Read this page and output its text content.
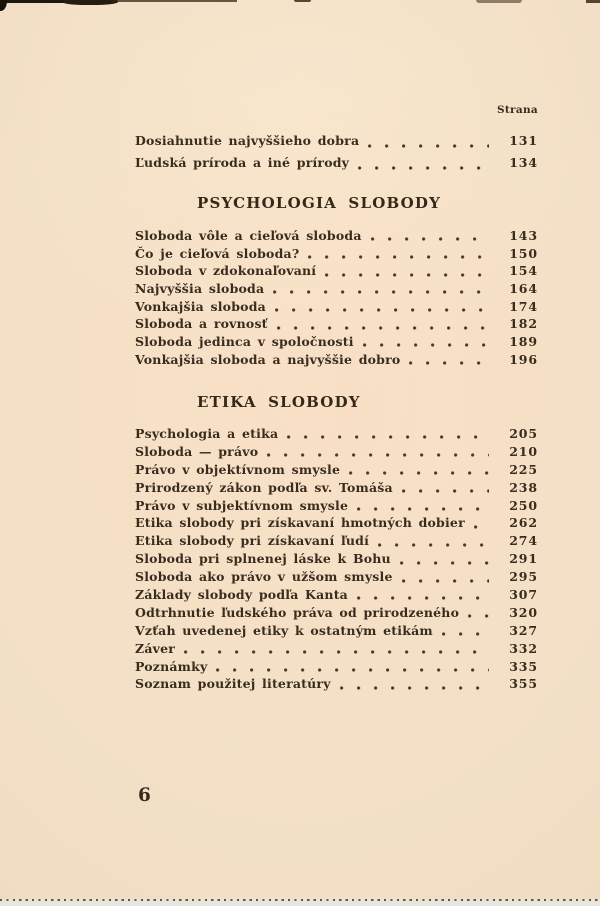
Strana
Dosiahnutie najvyššieho dobra	131
Ľudská príroda a iné prírody	134
PSYCHOLOGIA SLOBODY
Sloboda vôle a cieľová sloboda	143
Čo je cieľová sloboda?	150
Sloboda v zdokonaľovaní	154
Najvyššia sloboda	164
Vonkajšia sloboda	174
Sloboda a rovnosť	182
Sloboda jedinca v spoločnosti	189
Vonkajšia sloboda a najvyššie dobro	196
ETIKA SLOBODY
Psychologia a etika	205
Sloboda — právo	210
Právo v objektívnom smysle	225
Prirodzený zákon podľa sv. Tomáša	238
Právo v subjektívnom smysle	250
Etika slobody pri získavaní hmotných dobier	262
Etika slobody pri získavaní ľudí	274
Sloboda pri splnenej láske k Bohu	291
Sloboda ako právo v užšom smysle	295
Základy slobody podľa Kanta	307
Odtrhnutie ľudského práva od prirodzeného	320
Vzťah uvedenej etiky k ostatným etikám	327
Záver	332
Poznámky	335
Soznam použitej literatúry	355
6
